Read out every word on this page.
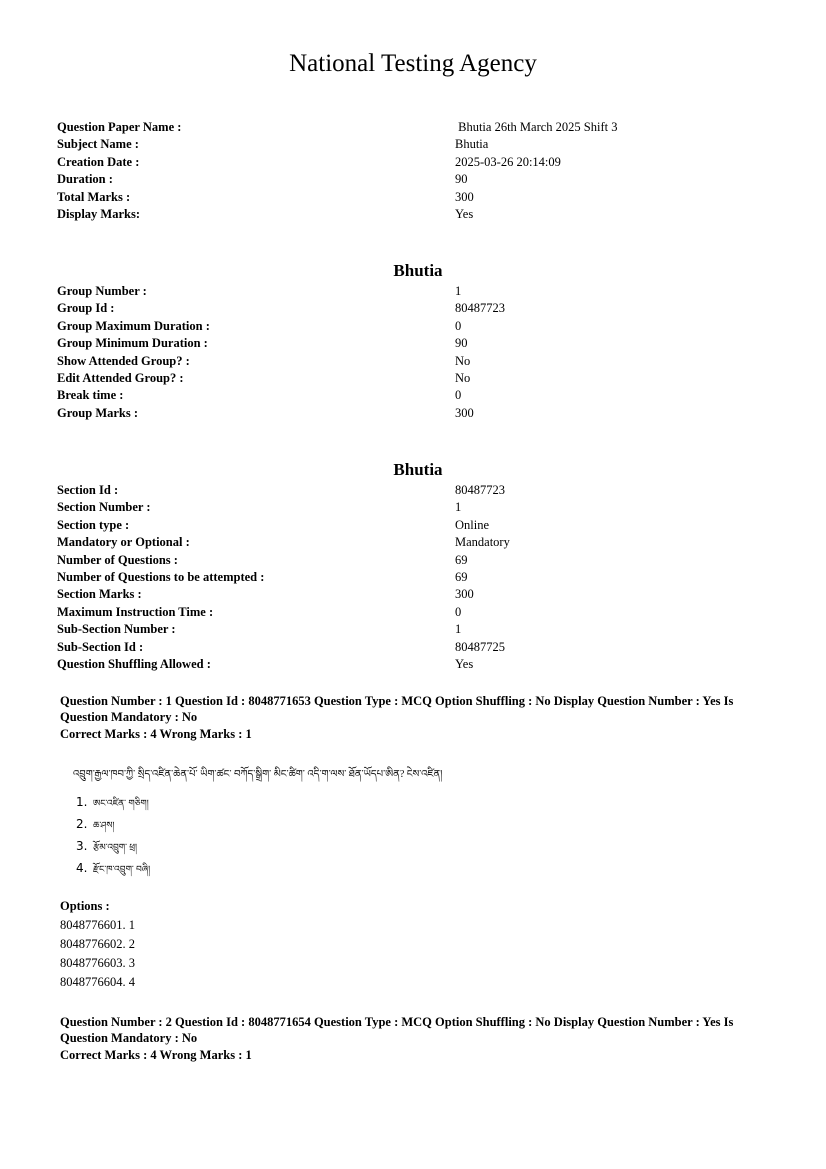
National Testing Agency
Question Paper Name :	Bhutia 26th March 2025 Shift 3
Subject Name :	Bhutia
Creation Date :	2025-03-26 20:14:09
Duration :	90
Total Marks :	300
Display Marks:	Yes
Bhutia
Group Number :	1
Group Id :	80487723
Group Maximum Duration :	0
Group Minimum Duration :	90
Show Attended Group? :	No
Edit Attended Group? :	No
Break time :	0
Group Marks :	300
Bhutia
Section Id :	80487723
Section Number :	1
Section type :	Online
Mandatory or Optional :	Mandatory
Number of Questions :	69
Number of Questions to be attempted :	69
Section Marks :	300
Maximum Instruction Time :	0
Sub-Section Number :	1
Sub-Section Id :	80487725
Question Shuffling Allowed :	Yes
Question Number : 1 Question Id : 8048771653 Question Type : MCQ Option Shuffling : No Display Question Number : Yes Is Question Mandatory : No
Correct Marks : 4 Wrong Marks : 1
འབྲུག་རྒྱལ་ཁབ་ཀྱི་ སྲིད་འཛིན་ཆེན་པོ་ ཡིག་ཚང་ བཀོད་སྒྲིག་ མིང་ཚིག་ འདི་ག་ལས་ ཐོན་ཡོདཔ་ཨིན? ངེས་འཛིན།
1. ཨང་འཛིན་ གཅིག།
2. ཆ་ཤས།
3. རྩོམ་འབྲུག་ ཕྲ།
4. རྫོང་ཁ་འབྲུག་ བཞི།
Options :
8048776601. 1
8048776602. 2
8048776603. 3
8048776604. 4
Question Number : 2 Question Id : 8048771654 Question Type : MCQ Option Shuffling : No Display Question Number : Yes Is Question Mandatory : No
Correct Marks : 4 Wrong Marks : 1
